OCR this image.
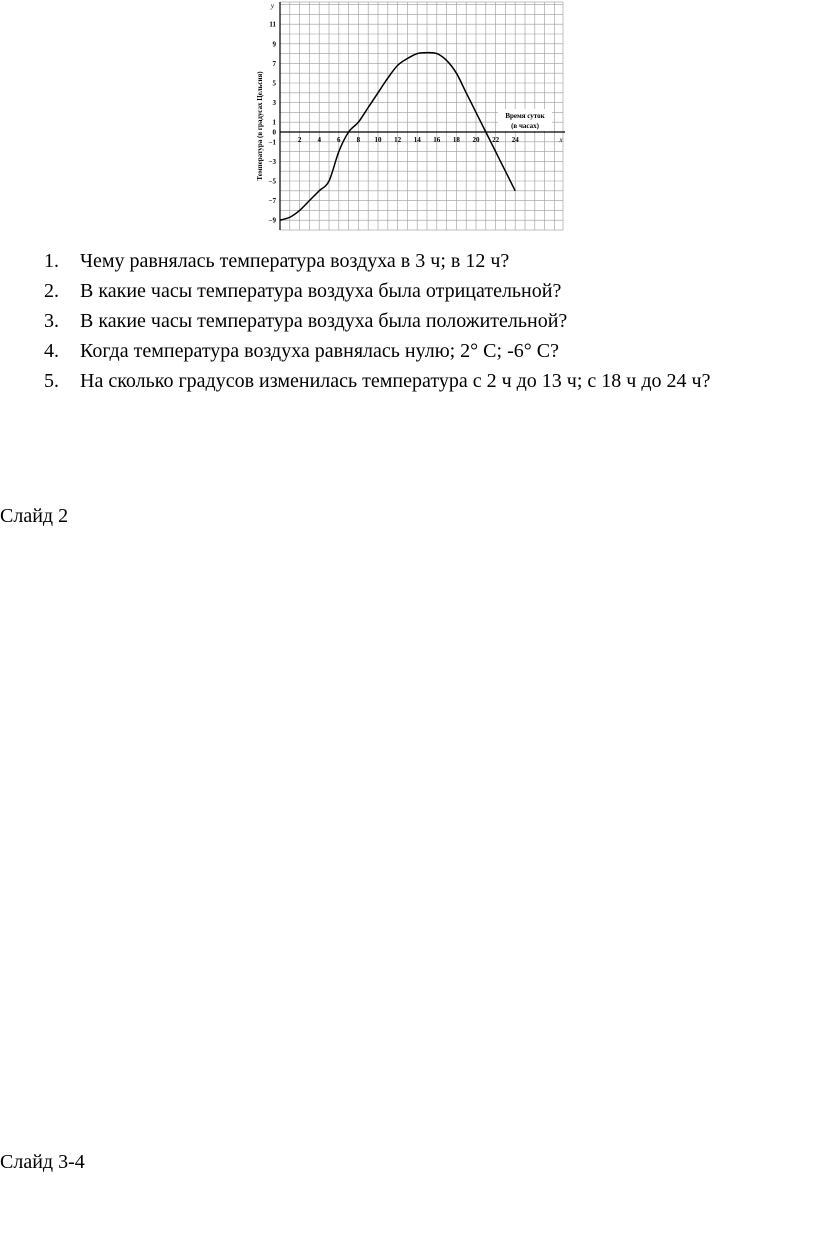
2 4 6 8 10 12 14 16 18 20 22 24
11
9
7
5
3
1
0
−1
−3
−5
−7
−9
y
x
Время суток
(в часах)
Температура (в градусах Цельсия)
1. Чему равнялась температура воздуха в 3 ч; в 12 ч?
2. В какие часы температура воздуха была отрицательной?
3. В какие часы температура воздуха была положительной?
4. Когда температура воздуха равнялась нулю; 2° С; -6° С?
5. На сколько градусов изменилась температура с 2 ч до 13 ч; с 18 ч до 24 ч?
Слайд 2
Слайд 3-4
